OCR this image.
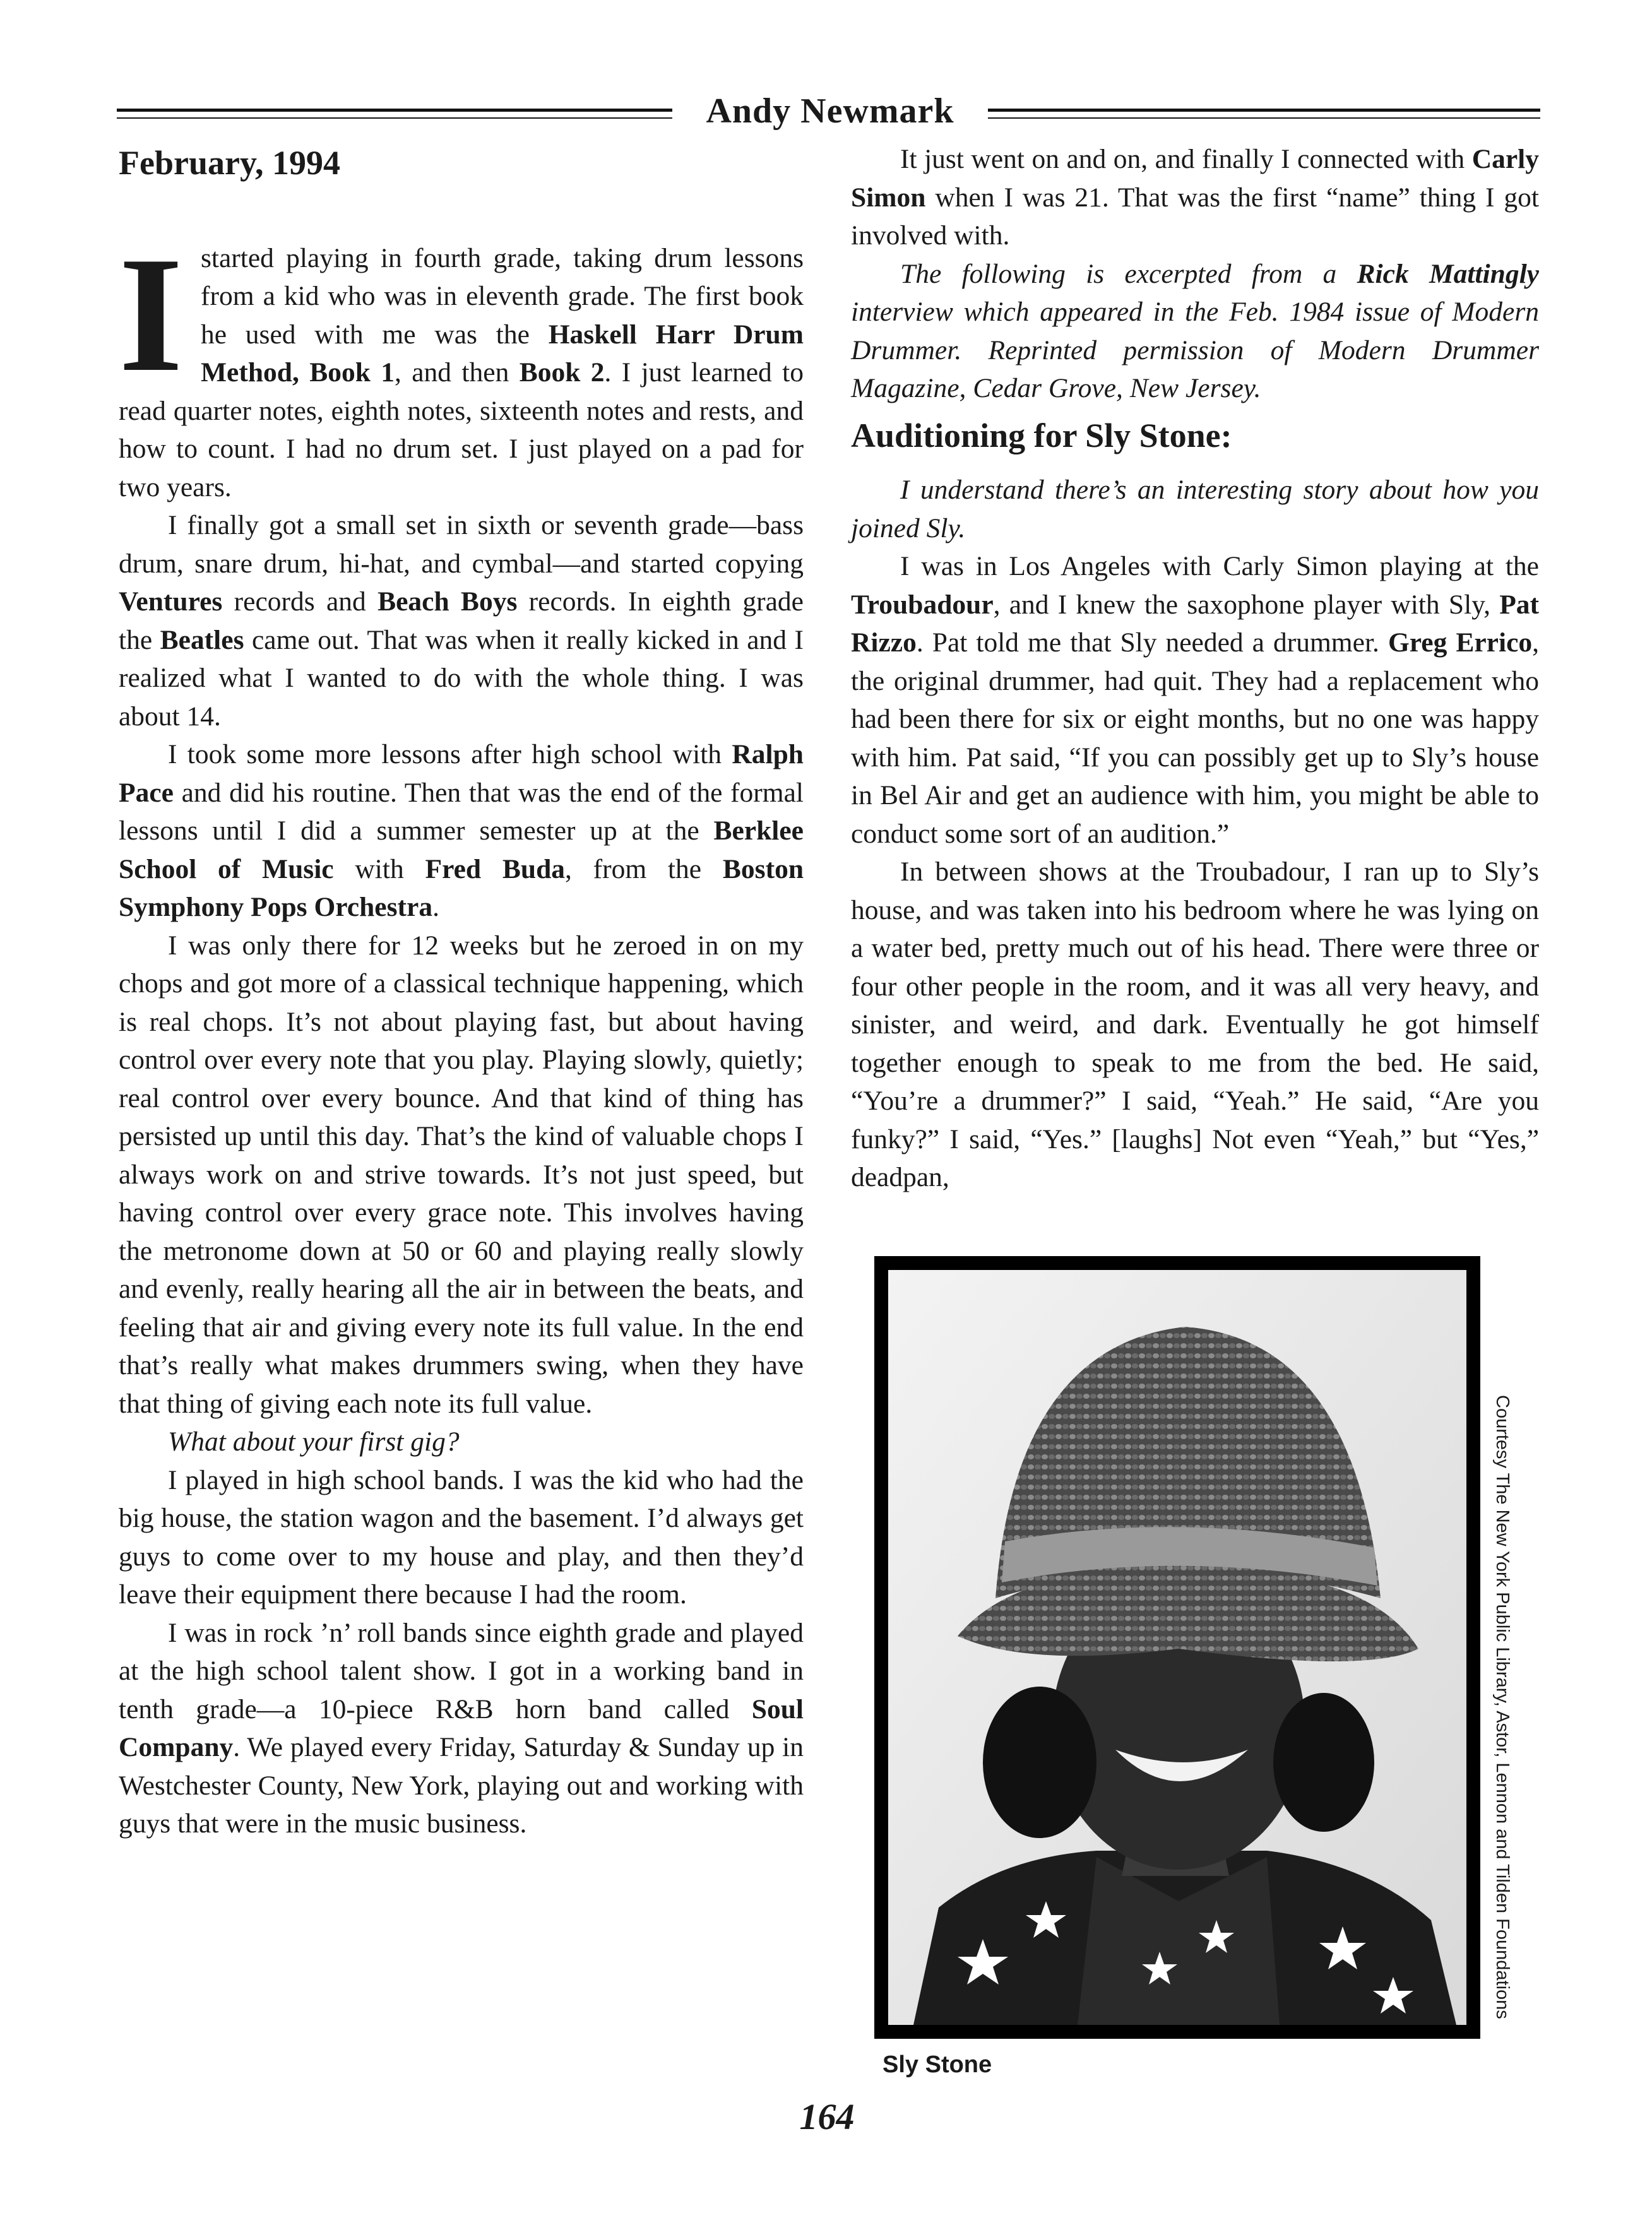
Andy Newmark
February, 1994

Istarted playing in fourth grade, taking drum lessons from a kid who was in eleventh grade. The first book he used with me was the Haskell Harr Drum Method, Book 1, and then Book 2. I just learned to read quarter notes, eighth notes, sixteenth notes and rests, and how to count. I had no drum set. I just played on a pad for two years.

I finally got a small set in sixth or seventh grade—bass drum, snare drum, hi-hat, and cymbal—and started copying Ventures records and Beach Boys records. In eighth grade the Beatles came out. That was when it really kicked in and I realized what I wanted to do with the whole thing. I was about 14.

I took some more lessons after high school with Ralph Pace and did his routine. Then that was the end of the formal lessons until I did a summer semester up at the Berklee School of Music with Fred Buda, from the Boston Symphony Pops Orchestra.

I was only there for 12 weeks but he zeroed in on my chops and got more of a classical technique happening, which is real chops. It’s not about playing fast, but about having control over every note that you play. Playing slowly, quietly; real control over every bounce. And that kind of thing has persisted up until this day. That’s the kind of valuable chops I always work on and strive towards. It’s not just speed, but having control over every grace note. This involves having the metronome down at 50 or 60 and playing really slowly and evenly, really hearing all the air in between the beats, and feeling that air and giving every note its full value. In the end that’s really what makes drummers swing, when they have that thing of giving each note its full value.

What about your first gig?

I played in high school bands. I was the kid who had the big house, the station wagon and the basement. I’d always get guys to come over to my house and play, and then they’d leave their equipment there because I had the room.

I was in rock ’n’ roll bands since eighth grade and played at the high school talent show. I got in a working band in tenth grade—a 10-piece R&B horn band called Soul Company. We played every Friday, Saturday & Sunday up in Westchester County, New York, playing out and working with guys that were in the music business.

It just went on and on, and finally I connected with Carly Simon when I was 21. That was the first “name” thing I got involved with.

The following is excerpted from a Rick Mattingly interview which appeared in the Feb. 1984 issue of Modern Drummer. Reprinted permission of Modern Drummer Magazine, Cedar Grove, New Jersey.

Auditioning for Sly Stone:

I understand there’s an interesting story about how you joined Sly.

I was in Los Angeles with Carly Simon playing at the Troubadour, and I knew the saxophone player with Sly, Pat Rizzo. Pat told me that Sly needed a drummer. Greg Errico, the original drummer, had quit. They had a replacement who had been there for six or eight months, but no one was happy with him. Pat said, “If you can possibly get up to Sly’s house in Bel Air and get an audience with him, you might be able to conduct some sort of an audition.”

In between shows at the Troubadour, I ran up to Sly’s house, and was taken into his bedroom where he was lying on a water bed, pretty much out of his head. There were three or four other people in the room, and it was all very heavy, and sinister, and weird, and dark. Eventually he got himself together enough to speak to me from the bed. He said, “You’re a drummer?” I said, “Yeah.” He said, “Are you funky?” I said, “Yes.” [laughs] Not even “Yeah,” but “Yes,” deadpan,

Courtesy The New York Public Library, Astor, Lennon and Tilden Foundations
Sly Stone
164
